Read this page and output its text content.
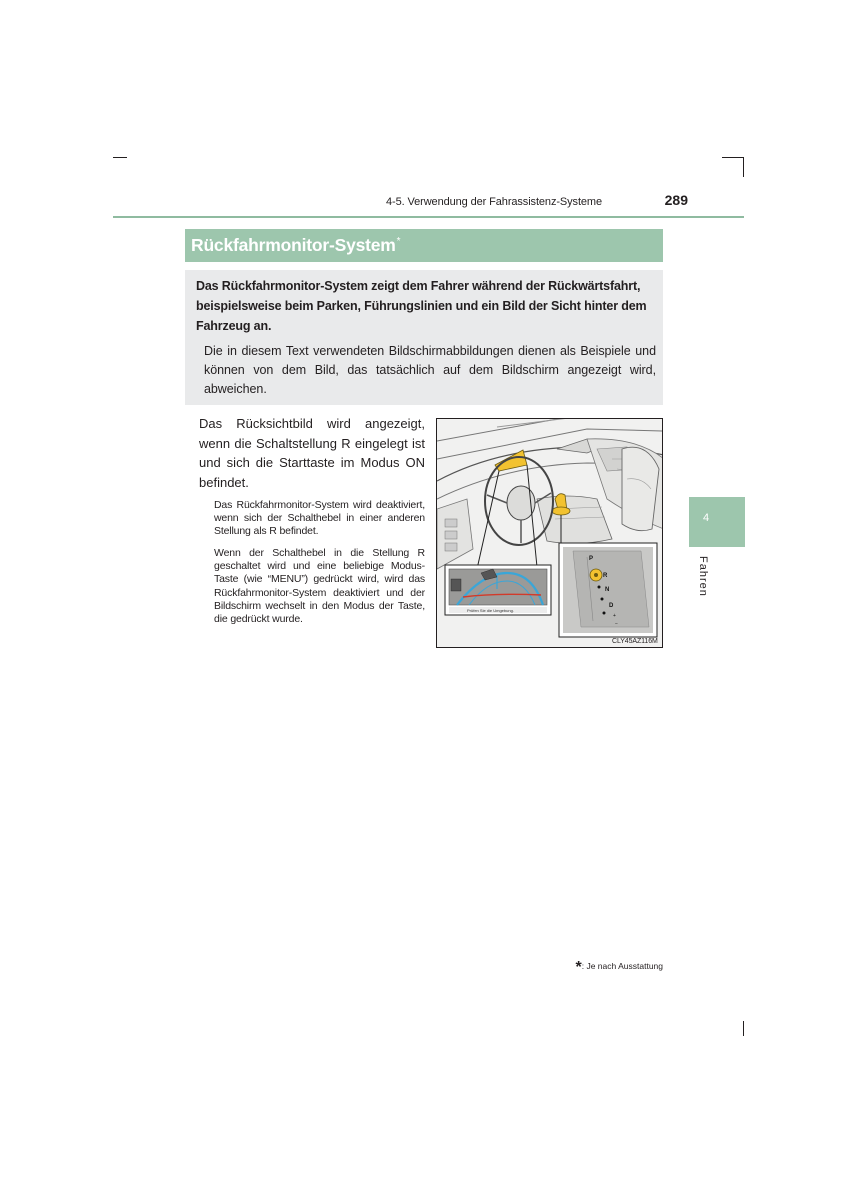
4-5. Verwendung der Fahrassistenz-Systeme	289
Rückfahrmonitor-System*
Das Rückfahrmonitor-System zeigt dem Fahrer während der Rückwärtsfahrt, beispielsweise beim Parken, Führungslinien und ein Bild der Sicht hinter dem Fahrzeug an.
Die in diesem Text verwendeten Bildschirmabbildungen dienen als Beispiele und können von dem Bild, das tatsächlich auf dem Bildschirm angezeigt wird, abweichen.
Das Rücksichtbild wird angezeigt, wenn die Schaltstellung R eingelegt ist und sich die Starttaste im Modus ON befindet.
Das Rückfahrmonitor-System wird deaktiviert, wenn sich der Schalthebel in einer anderen Stellung als R befindet.
Wenn der Schalthebel in die Stellung R geschaltet wird und eine beliebige Modus-Taste (wie “MENU”) gedrückt wird, wird das Rückfahrmonitor-System deaktiviert und der Bildschirm wechselt in den Modus der Taste, die gedrückt wurde.
Prüfen Sie die Umgebung.
P
R
N
D
+
−
CLY45AZ116M
4
Fahren
*: Je nach Ausstattung
